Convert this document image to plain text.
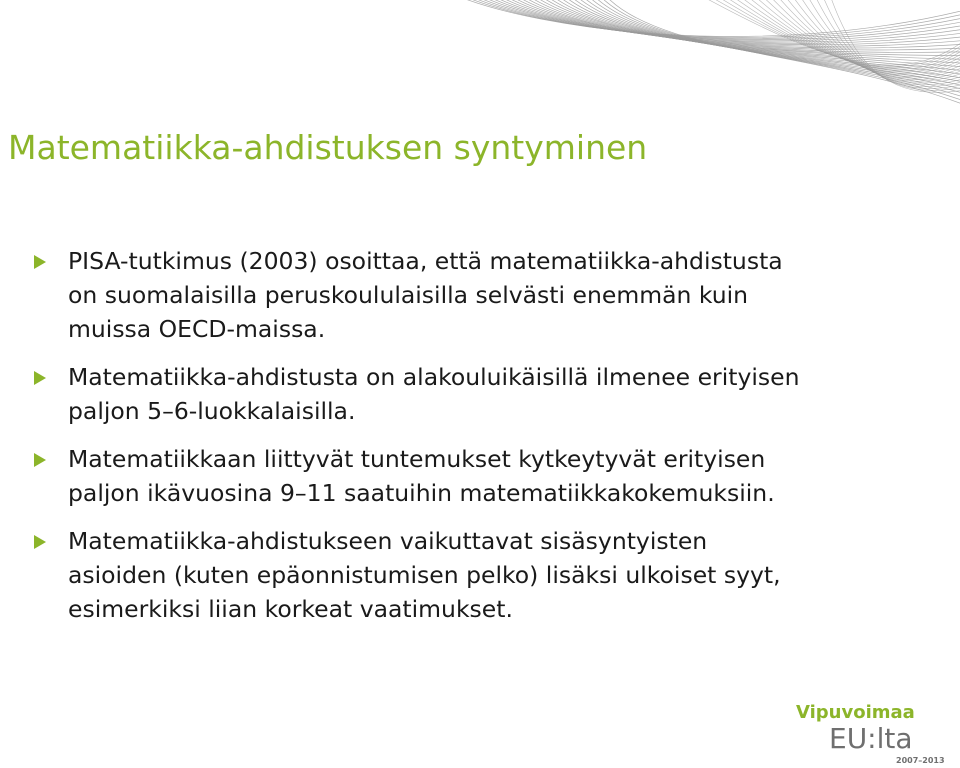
Matematiikka-ahdistuksen syntyminen
PISA-tutkimus (2003) osoittaa, että matematiikka-ahdistusta
on suomalaisilla peruskoululaisilla selvästi enemmän kuin
muissa OECD-maissa.
Matematiikka-ahdistusta on alakouluikäisillä ilmenee erityisen
paljon 5–6-luokkalaisilla.
Matematiikkaan liittyvät tuntemukset kytkeytyvät erityisen
paljon ikävuosina 9–11 saatuihin matematiikkakokemuksiin.
Matematiikka-ahdistukseen vaikuttavat sisäsyntyisten
asioiden (kuten epäonnistumisen pelko) lisäksi ulkoiset syyt,
esimerkiksi liian korkeat vaatimukset.
Vipuvoimaa
EU:lta
2007–2013
